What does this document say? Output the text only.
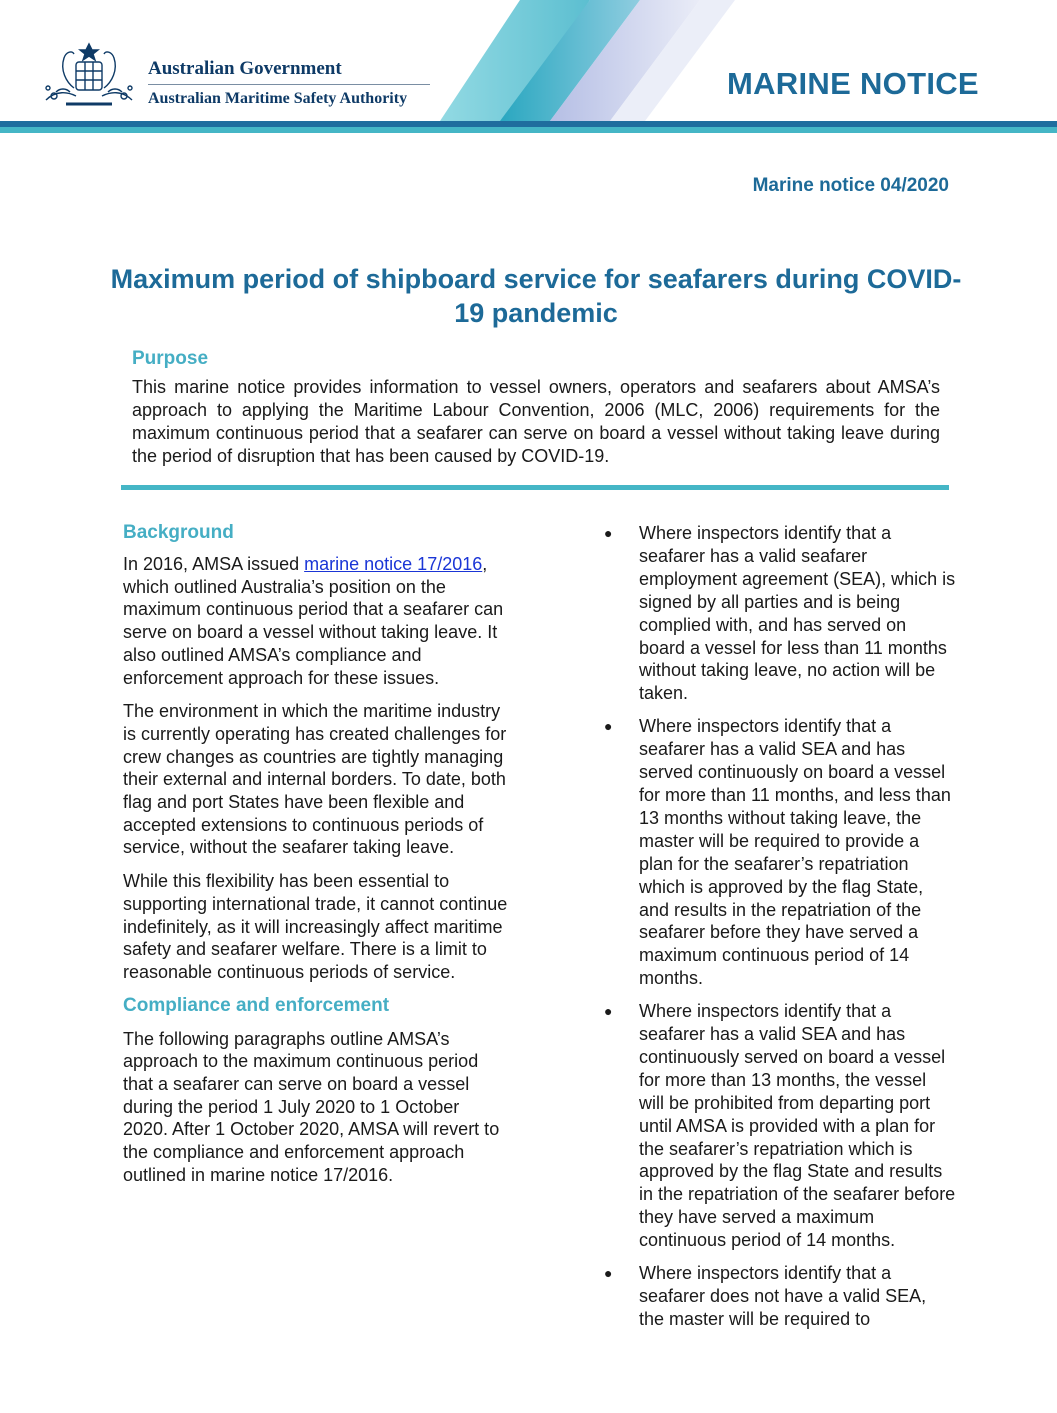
Australian Government
Australian Maritime Safety Authority	MARINE NOTICE
Marine notice 04/2020
Maximum period of shipboard service for seafarers during COVID-19 pandemic
Purpose

This marine notice provides information to vessel owners, operators and seafarers about AMSA’s approach to applying the Maritime Labour Convention, 2006 (MLC, 2006) requirements for the maximum continuous period that a seafarer can serve on board a vessel without taking leave during the period of disruption that has been caused by COVID-19.

Background

In 2016, AMSA issued marine notice 17/2016, which outlined Australia’s position on the maximum continuous period that a seafarer can serve on board a vessel without taking leave. It also outlined AMSA’s compliance and enforcement approach for these issues.

The environment in which the maritime industry is currently operating has created challenges for crew changes as countries are tightly managing their external and internal borders. To date, both flag and port States have been flexible and accepted extensions to continuous periods of service, without the seafarer taking leave.

While this flexibility has been essential to supporting international trade, it cannot continue indefinitely, as it will increasingly affect maritime safety and seafarer welfare. There is a limit to reasonable continuous periods of service.

Compliance and enforcement

The following paragraphs outline AMSA’s approach to the maximum continuous period that a seafarer can serve on board a vessel during the period 1 July 2020 to 1 October 2020. After 1 October 2020, AMSA will revert to the compliance and enforcement approach outlined in marine notice 17/2016.

● Where inspectors identify that a seafarer has a valid seafarer employment agreement (SEA), which is signed by all parties and is being complied with, and has served on board a vessel for less than 11 months without taking leave, no action will be taken.
● Where inspectors identify that a seafarer has a valid SEA and has served continuously on board a vessel for more than 11 months, and less than 13 months without taking leave, the master will be required to provide a plan for the seafarer’s repatriation which is approved by the flag State, and results in the repatriation of the seafarer before they have served a maximum continuous period of 14 months.
● Where inspectors identify that a seafarer has a valid SEA and has continuously served on board a vessel for more than 13 months, the vessel will be prohibited from departing port until AMSA is provided with a plan for the seafarer’s repatriation which is approved by the flag State and results in the repatriation of the seafarer before they have served a maximum continuous period of 14 months.
● Where inspectors identify that a seafarer does not have a valid SEA, the master will be required to
